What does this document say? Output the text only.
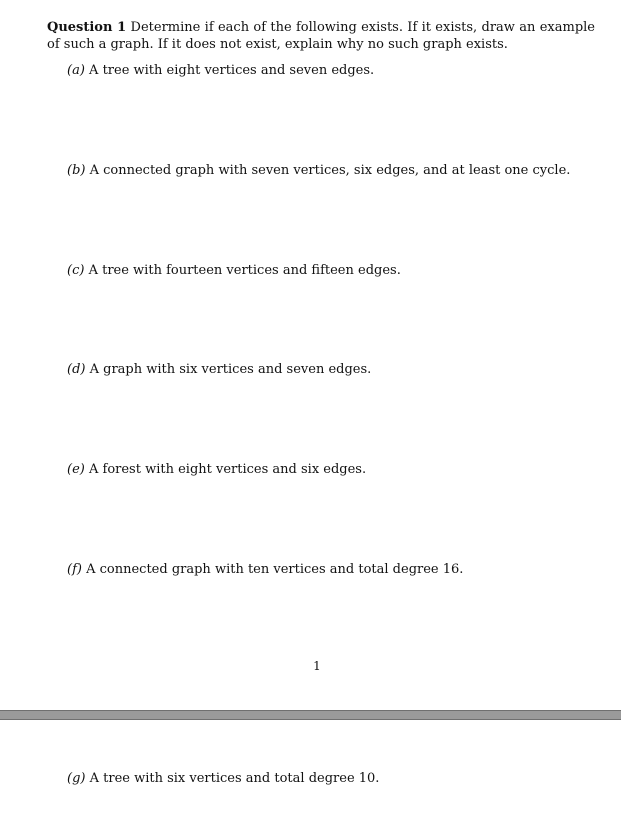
Question 1 Determine if each of the following exists. If it exists, draw an example of such a graph. If it does not exist, explain why no such graph exists.
(a) A tree with eight vertices and seven edges.
(b) A connected graph with seven vertices, six edges, and at least one cycle.
(c) A tree with fourteen vertices and fifteen edges.
(d) A graph with six vertices and seven edges.
(e) A forest with eight vertices and six edges.
(f) A connected graph with ten vertices and total degree 16.
1
(g) A tree with six vertices and total degree 10.
